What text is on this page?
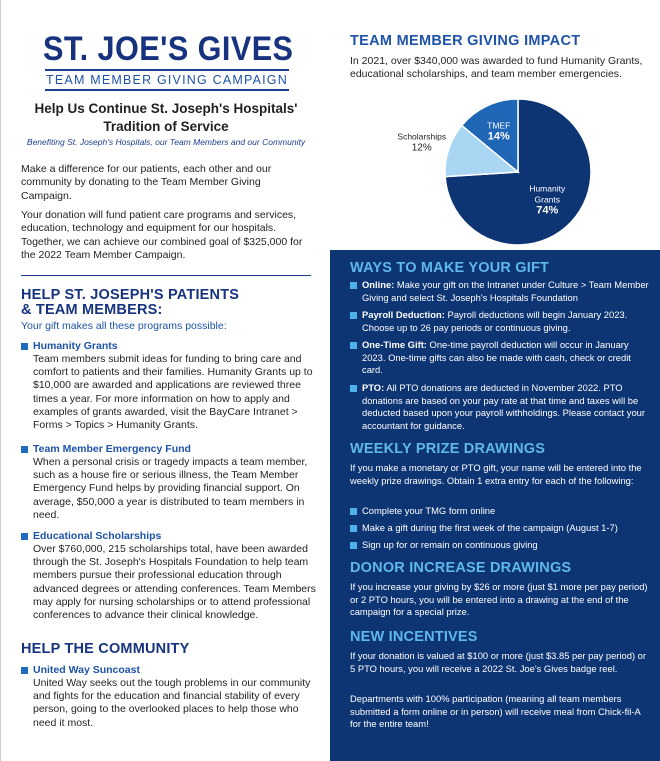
ST. JOE'S GIVES
TEAM MEMBER GIVING CAMPAIGN
Help Us Continue St. Joseph's Hospitals'
Tradition of Service
Benefiting St. Joseph's Hospitals, our Team Members and our Community
Make a difference for our patients, each other and our community by donating to the Team Member Giving Campaign.
Your donation will fund patient care programs and services, education, technology and equipment for our hospitals. Together, we can achieve our combined goal of $325,000 for the 2022 Team Member Campaign.
HELP ST. JOSEPH'S PATIENTS
& TEAM MEMBERS:
Your gift makes all these programs possible:
Humanity Grants
Team members submit ideas for funding to bring care and comfort to patients and their families. Humanity Grants up to $10,000 are awarded and applications are reviewed three times a year. For more information on how to apply and examples of grants awarded, visit the BayCare Intranet > Forms > Topics > Humanity Grants.
Team Member Emergency Fund
When a personal crisis or tragedy impacts a team member, such as a house fire or serious illness, the Team Member Emergency Fund helps by providing financial support. On average, $50,000 a year is distributed to team members in need.
Educational Scholarships
Over $760,000, 215 scholarships total, have been awarded through the St. Joseph's Hospitals Foundation to help team members pursue their professional education through advanced degrees or attending conferences. Team Members may apply for nursing scholarships or to attend professional conferences to advance their clinical knowledge.
HELP THE COMMUNITY
United Way Suncoast
United Way seeks out the tough problems in our community and fights for the education and financial stability of every person, going to the overlooked places to help those who need it most.
TEAM MEMBER GIVING IMPACT
In 2021, over $340,000 was awarded to fund Humanity Grants, educational scholarships, and team member emergencies.
Humanity
Grants
74%
Scholarships
12%
TMEF
14%
WAYS TO MAKE YOUR GIFT
Online: Make your gift on the Intranet under Culture > Team Member Giving and select St. Joseph's Hospitals Foundation
Payroll Deduction: Payroll deductions will begin January 2023. Choose up to 26 pay periods or continuous giving.
One-Time Gift: One-time payroll deduction will occur in January 2023. One-time gifts can also be made with cash, check or credit card.
PTO: All PTO donations are deducted in November 2022. PTO donations are based on your pay rate at that time and taxes will be deducted based upon your payroll withholdings. Please contact your accountant for guidance.
WEEKLY PRIZE DRAWINGS
If you make a monetary or PTO gift, your name will be entered into the weekly prize drawings. Obtain 1 extra entry for each of the following:
Complete your TMG form online
Make a gift during the first week of the campaign (August 1-7)
Sign up for or remain on continuous giving
DONOR INCREASE DRAWINGS
If you increase your giving by $26 or more (just $1 more per pay period) or 2 PTO hours, you will be entered into a drawing at the end of the campaign for a special prize.
NEW INCENTIVES
If your donation is valued at $100 or more (just $3.85 per pay period) or 5 PTO hours, you will receive a 2022 St. Joe's Gives badge reel.
Departments with 100% participation (meaning all team members submitted a form online or in person) will receive meal from Chick-fil-A for the entire team!
